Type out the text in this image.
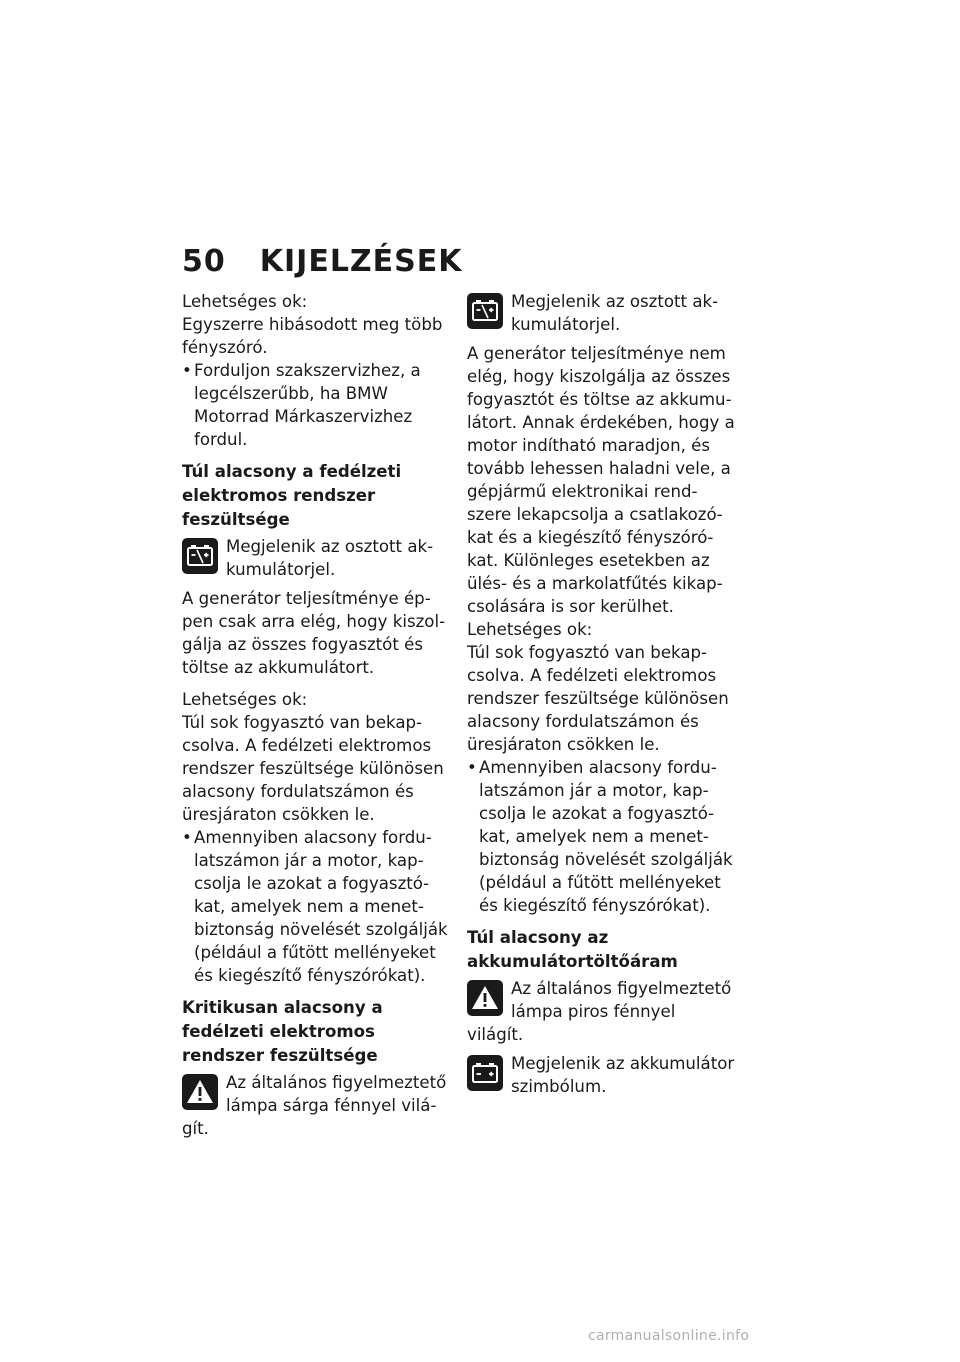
50 KIJELZÉSEK
Lehetséges ok:
Egyszerre hibásodott meg több fényszóró.
• Forduljon szakszervizhez, a legcélszerűbb, ha BMW Motorrad Márkaszervizhez fordul.
Túl alacsony a fedélzeti elektromos rendszer feszültsége
Megjelenik az osztott akkumulátorjel.
A generátor teljesítménye éppen csak arra elég, hogy kiszolgálja az összes fogyasztót és töltse az akkumulátort.
Lehetséges ok:
Túl sok fogyasztó van bekapcsolva. A fedélzeti elektromos rendszer feszültsége különösen alacsony fordulatszámon és üresjáraton csökken le.
• Amennyiben alacsony fordulatszámon jár a motor, kapcsolja le azokat a fogyasztókat, amelyek nem a menetbiztonság növelését szolgálják (például a fűtött mellényeket és kiegészítő fényszórókat).
Kritikusan alacsony a fedélzeti elektromos rendszer feszültsége
Az általános figyelmeztető lámpa sárga fénnyel világít.
Megjelenik az osztott akkumulátorjel.
A generátor teljesítménye nem elég, hogy kiszolgálja az összes fogyasztót és töltse az akkumulátort. Annak érdekében, hogy a motor indítható maradjon, és tovább lehessen haladni vele, a gépjármű elektronikai rendszere lekapcsolja a csatlakozókat és a kiegészítő fényszórókat. Különleges esetekben az ülés- és a markolatfűtés kikapcsolására is sor kerülhet.
Lehetséges ok:
Túl sok fogyasztó van bekapcsolva. A fedélzeti elektromos rendszer feszültsége különösen alacsony fordulatszámon és üresjáraton csökken le.
• Amennyiben alacsony fordulatszámon jár a motor, kapcsolja le azokat a fogyasztókat, amelyek nem a menetbiztonság növelését szolgálják (például a fűtött mellényeket és kiegészítő fényszórókat).
Túl alacsony az akkumulátortöltőáram
Az általános figyelmeztető lámpa piros fénnyel világít.
Megjelenik az akkumulátor szimbólum.
carmanualsonline.info
